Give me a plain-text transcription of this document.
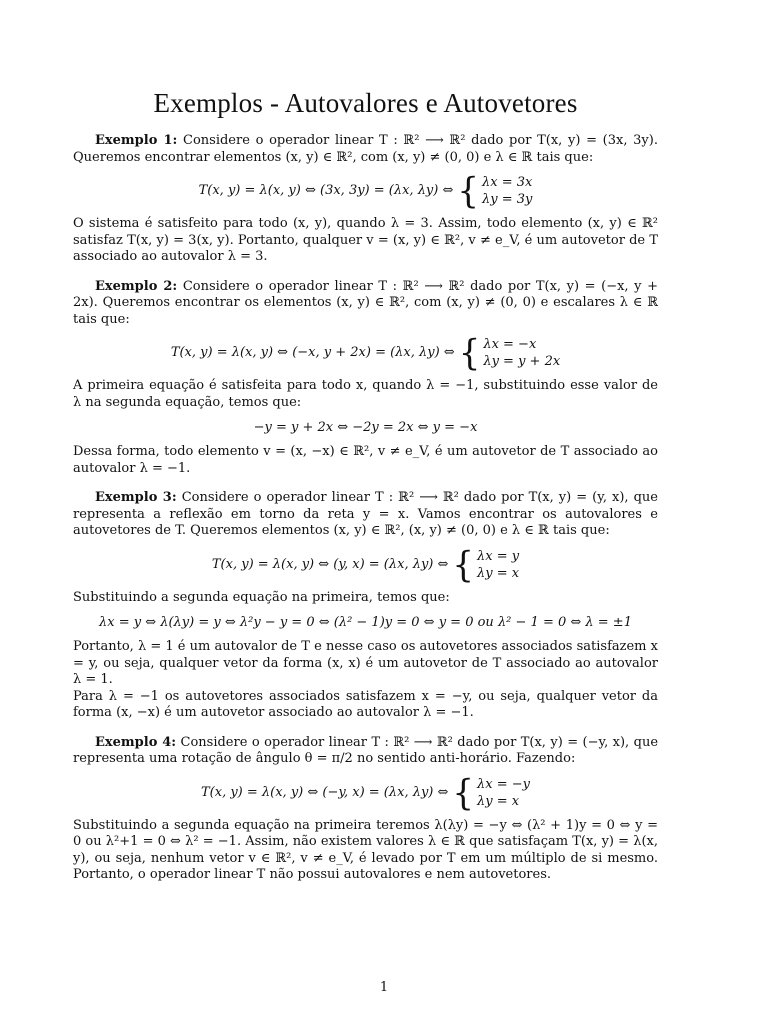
Exemplos - Autovalores e Autovetores

Exemplo 1: Considere o operador linear T : ℝ² ⟶ ℝ² dado por T(x, y) = (3x, 3y). Queremos encontrar elementos (x, y) ∈ ℝ², com (x, y) ≠ (0, 0) e λ ∈ ℝ tais que:

T(x, y) = λ(x, y) ⇔ (3x, 3y) = (λx, λy) ⇔ { λx = 3x
λy = 3y

O sistema é satisfeito para todo (x, y), quando λ = 3. Assim, todo elemento (x, y) ∈ ℝ² satisfaz T(x, y) = 3(x, y). Portanto, qualquer v = (x, y) ∈ ℝ², v ≠ e_V, é um autovetor de T associado ao autovalor λ = 3.

Exemplo 2: Considere o operador linear T : ℝ² ⟶ ℝ² dado por T(x, y) = (−x, y + 2x). Queremos encontrar os elementos (x, y) ∈ ℝ², com (x, y) ≠ (0, 0) e escalares λ ∈ ℝ tais que:

T(x, y) = λ(x, y) ⇔ (−x, y + 2x) = (λx, λy) ⇔ { λx = −x
λy = y + 2x

A primeira equação é satisfeita para todo x, quando λ = −1, substituindo esse valor de λ na segunda equação, temos que:

−y = y + 2x ⇔ −2y = 2x ⇔ y = −x

Dessa forma, todo elemento v = (x, −x) ∈ ℝ², v ≠ e_V, é um autovetor de T associado ao autovalor λ = −1.

Exemplo 3: Considere o operador linear T : ℝ² ⟶ ℝ² dado por T(x, y) = (y, x), que representa a reflexão em torno da reta y = x. Vamos encontrar os autovalores e autovetores de T. Queremos elementos (x, y) ∈ ℝ², (x, y) ≠ (0, 0) e λ ∈ ℝ tais que:

T(x, y) = λ(x, y) ⇔ (y, x) = (λx, λy) ⇔ { λx = y
λy = x

Substituindo a segunda equação na primeira, temos que:

λx = y ⇔ λ(λy) = y ⇔ λ²y − y = 0 ⇔ (λ² − 1)y = 0 ⇔ y = 0 ou λ² − 1 = 0 ⇔ λ = ±1

Portanto, λ = 1 é um autovalor de T e nesse caso os autovetores associados satisfazem x = y, ou seja, qualquer vetor da forma (x, x) é um autovetor de T associado ao autovalor λ = 1.

Para λ = −1 os autovetores associados satisfazem x = −y, ou seja, qualquer vetor da forma (x, −x) é um autovetor associado ao autovalor λ = −1.

Exemplo 4: Considere o operador linear T : ℝ² ⟶ ℝ² dado por T(x, y) = (−y, x), que representa uma rotação de ângulo θ = π/2 no sentido anti-horário. Fazendo:

T(x, y) = λ(x, y) ⇔ (−y, x) = (λx, λy) ⇔ { λx = −y
λy = x

Substituindo a segunda equação na primeira teremos λ(λy) = −y ⇔ (λ² + 1)y = 0 ⇔ y = 0 ou λ²+1 = 0 ⇔ λ² = −1. Assim, não existem valores λ ∈ ℝ que satisfaçam T(x, y) = λ(x, y), ou seja, nenhum vetor v ∈ ℝ², v ≠ e_V, é levado por T em um múltiplo de si mesmo. Portanto, o operador linear T não possui autovalores e nem autovetores.

1
